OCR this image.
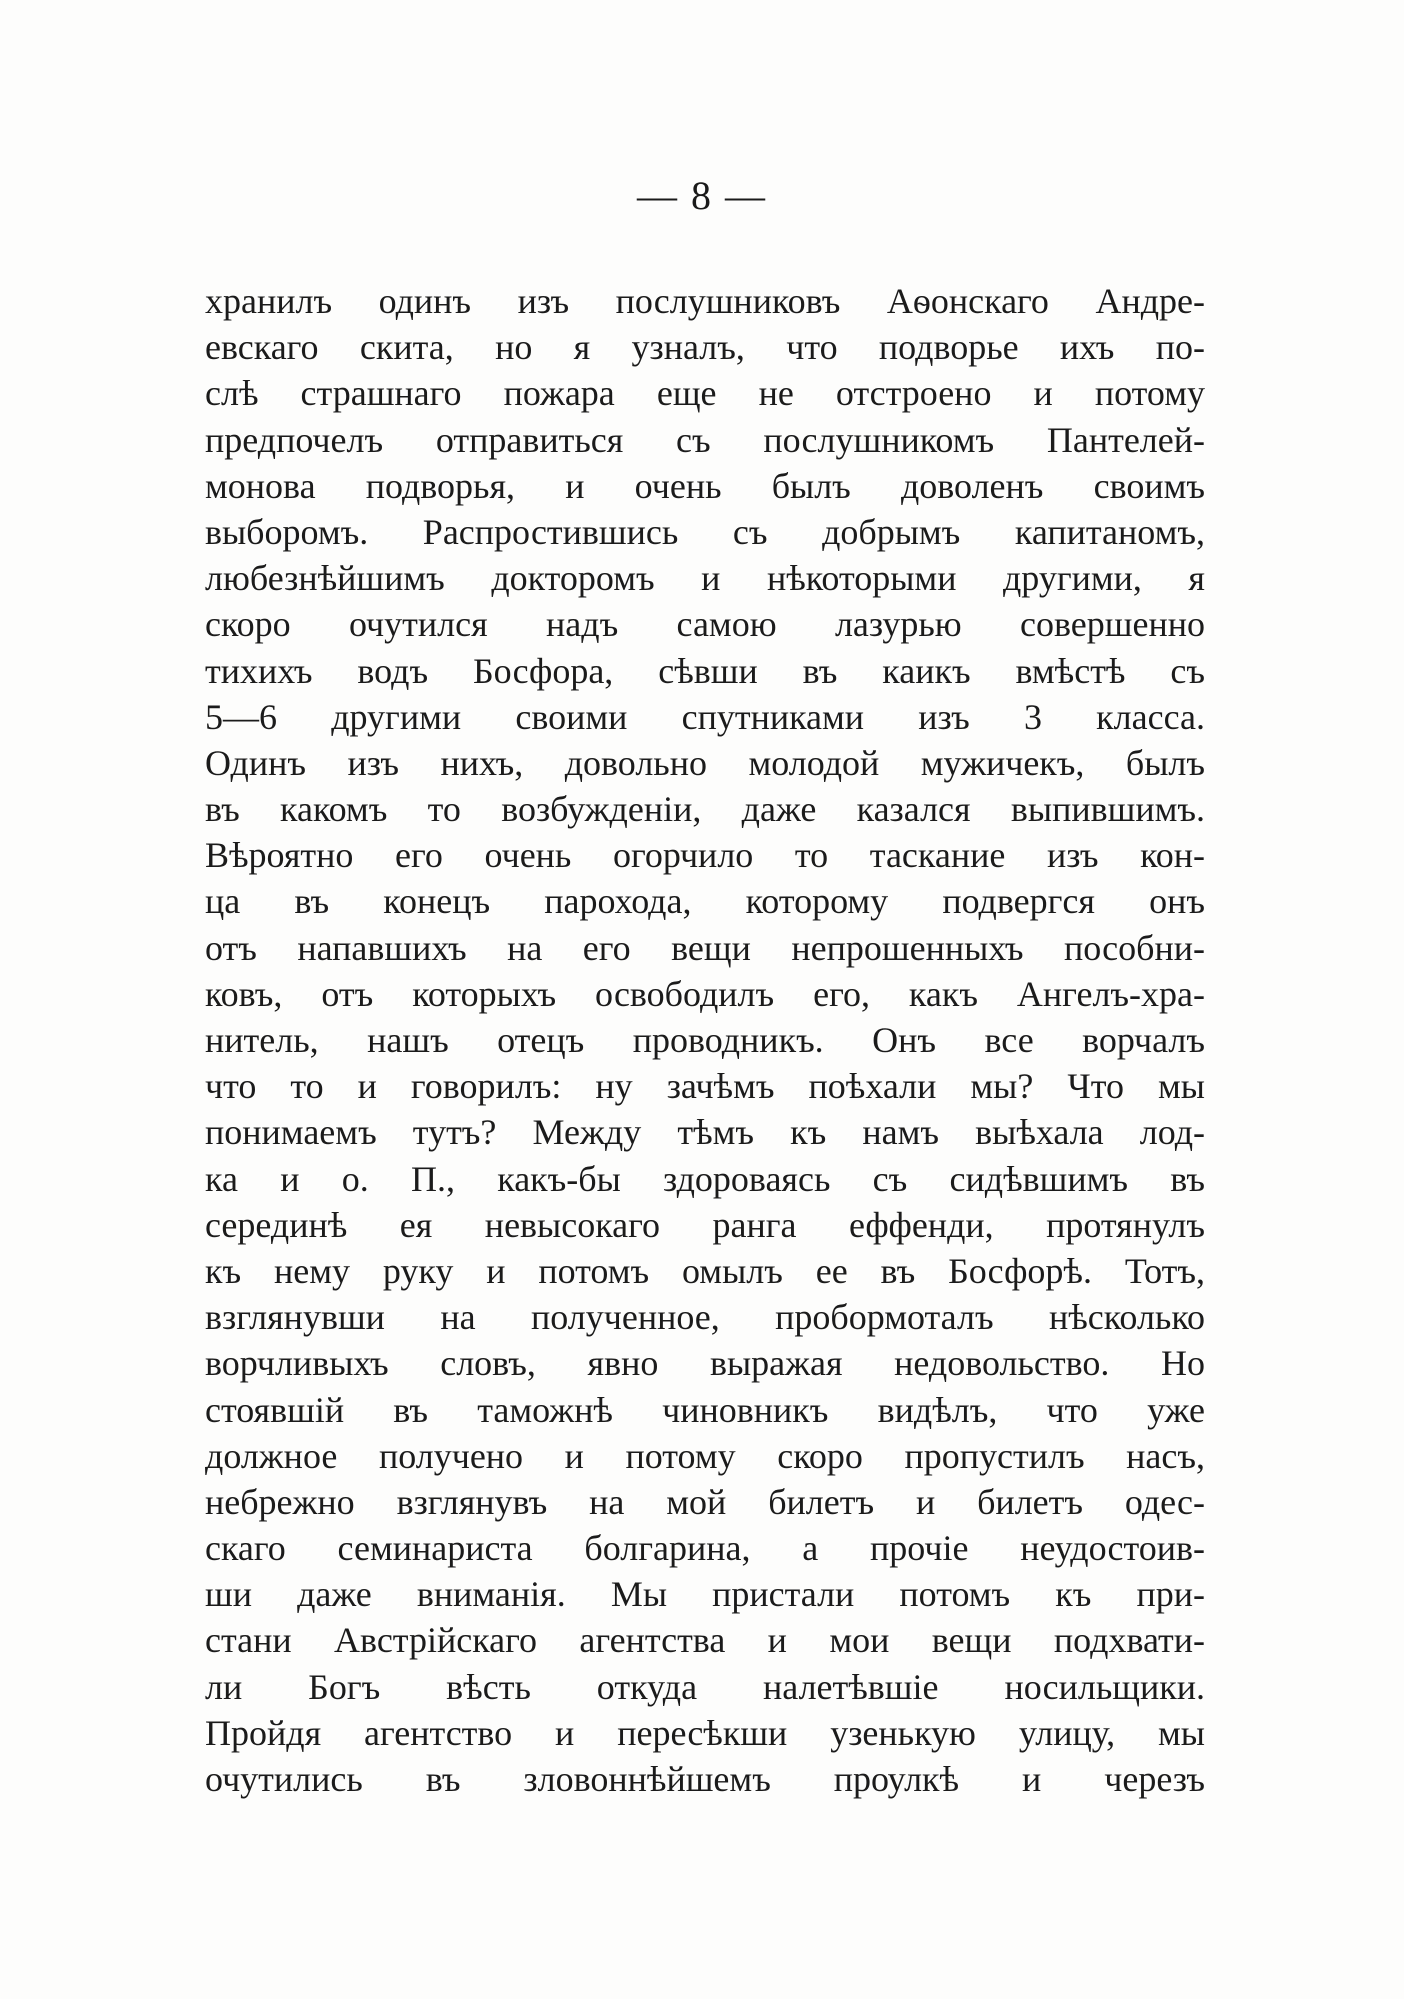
— 8 —
хранилъ одинъ изъ послушниковъ Аѳонскаго Андре-
евскаго скита, но я узналъ, что подворье ихъ по-
слѣ страшнаго пожара еще не отстроено и потому
предпочелъ отправиться съ послушникомъ Пантелей-
монова подворья, и очень былъ доволенъ своимъ
выборомъ. Распростившись съ добрымъ капитаномъ,
любезнѣйшимъ докторомъ и нѣкоторыми другими, я
скоро очутился надъ самою лазурью совершенно
тихихъ водъ Босфора, сѣвши въ каикъ вмѣстѣ съ
5—6 другими своими спутниками изъ 3 класса.
Одинъ изъ нихъ, довольно молодой мужичекъ, былъ
въ какомъ то возбужденiи, даже казался выпившимъ.
Вѣроятно его очень огорчило то таскание изъ кон-
ца въ конецъ парохода, которому подвергся онъ
отъ напавшихъ на его вещи непрошенныхъ пособни-
ковъ, отъ которыхъ освободилъ его, какъ Ангелъ-хра-
нитель, нашъ отецъ проводникъ. Онъ все ворчалъ
что то и говорилъ: ну зачѣмъ поѣхали мы? Что мы
понимаемъ тутъ? Между тѣмъ къ намъ выѣхала лод-
ка и о. П., какъ-бы здороваясь съ сидѣвшимъ въ
серединѣ ея невысокаго ранга еффенди, протянулъ
къ нему руку и потомъ омылъ ее въ Босфорѣ. Тотъ,
взглянувши на полученное, пробормоталъ нѣсколько
ворчливыхъ словъ, явно выражая недовольство. Но
стоявшiй въ таможнѣ чиновникъ видѣлъ, что уже
должное получено и потому скоро пропустилъ насъ,
небрежно взглянувъ на мой билетъ и билетъ одес-
скаго семинариста болгарина, а прочiе неудостоив-
ши даже вниманiя. Мы пристали потомъ къ при-
стани Австрiйскаго агентства и мои вещи подхвати-
ли Богъ вѣсть откуда налетѣвшiе носильщики.
Пройдя агентство и пересѣкши узенькую улицу, мы
очутились въ зловоннѣйшемъ проулкѣ и черезъ
